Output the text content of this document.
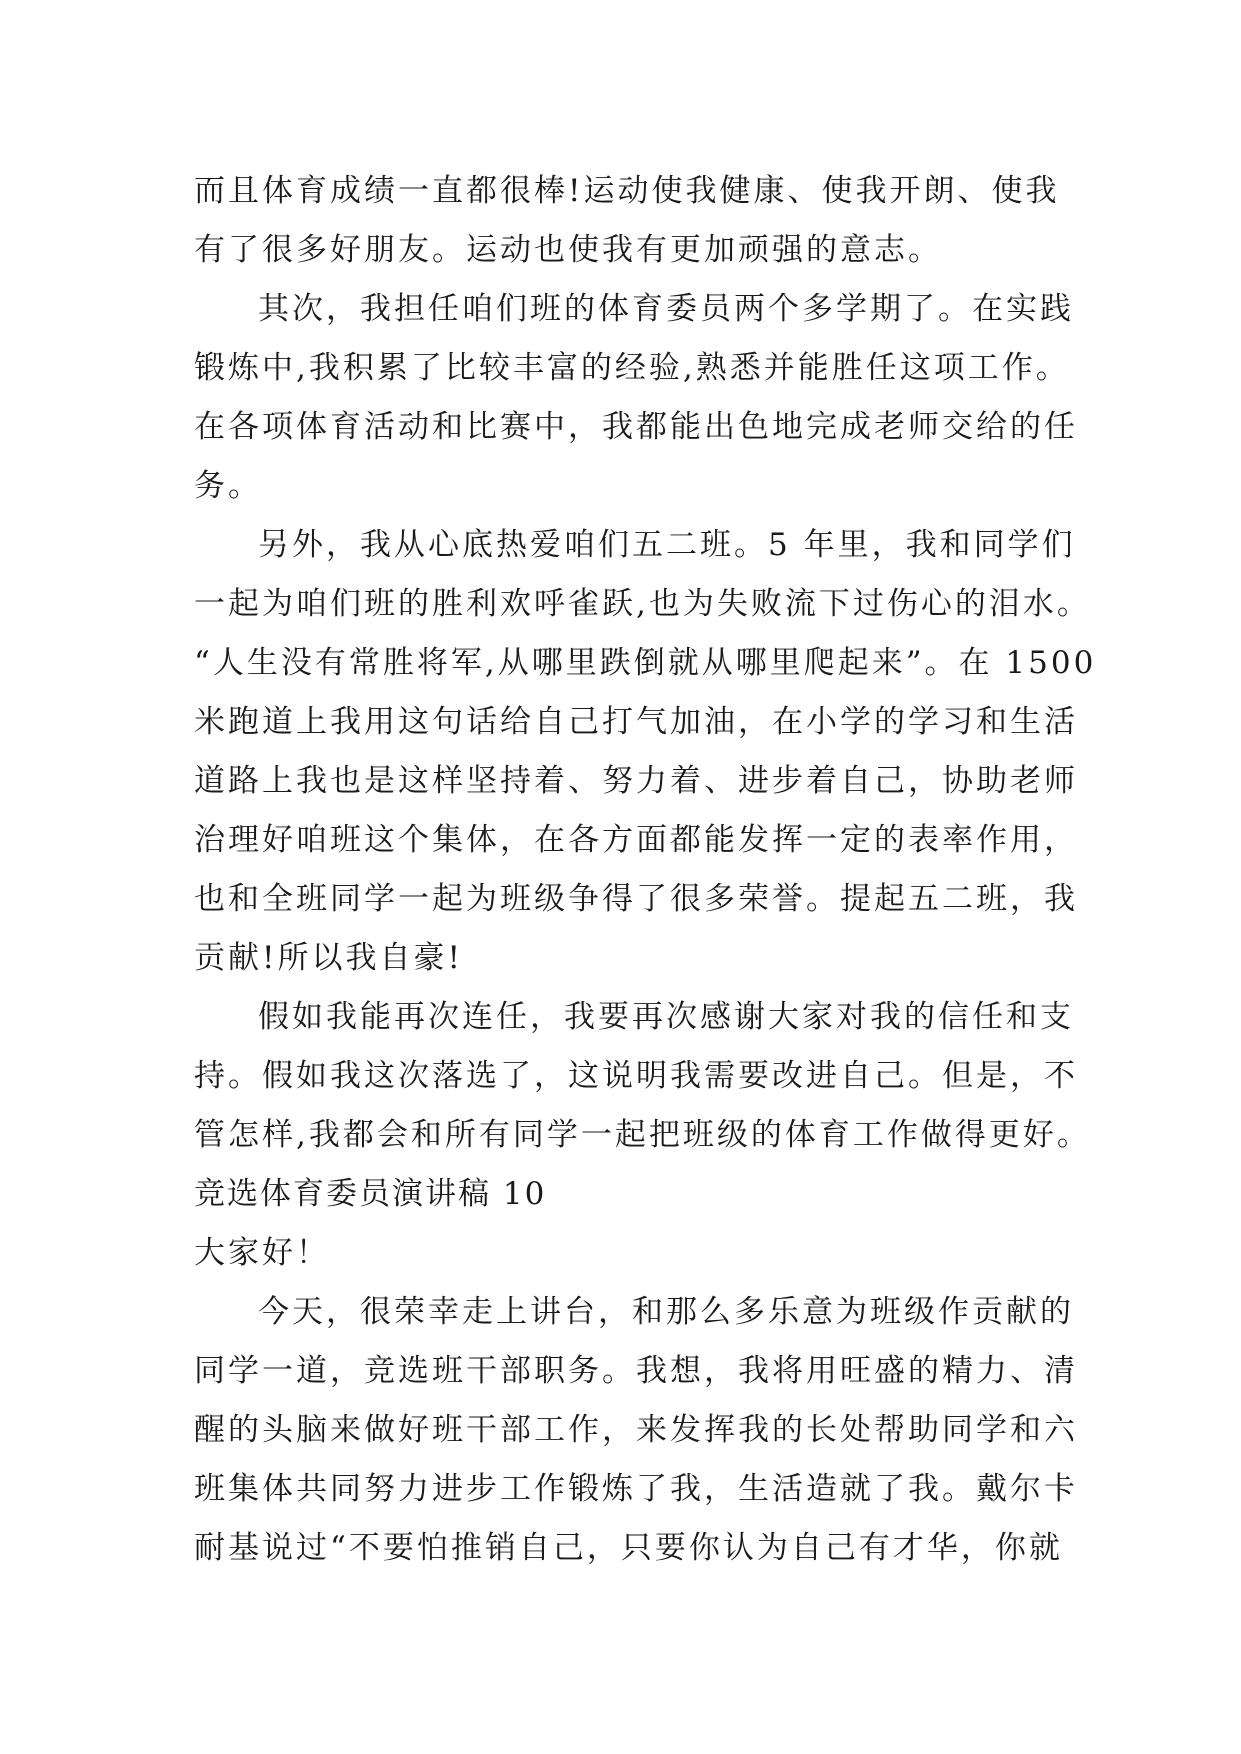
而且体育成绩一直都很棒!运动使我健康、使我开朗、使我
有了很多好朋友。运动也使我有更加顽强的意志。
其次，我担任咱们班的体育委员两个多学期了。在实践
锻炼中,我积累了比较丰富的经验,熟悉并能胜任这项工作。
在各项体育活动和比赛中，我都能出色地完成老师交给的任
务。
另外，我从心底热爱咱们五二班。5 年里，我和同学们
一起为咱们班的胜利欢呼雀跃,也为失败流下过伤心的泪水。
“人生没有常胜将军,从哪里跌倒就从哪里爬起来”。在 1500
米跑道上我用这句话给自己打气加油，在小学的学习和生活
道路上我也是这样坚持着、努力着、进步着自己，协助老师
治理好咱班这个集体，在各方面都能发挥一定的表率作用，
也和全班同学一起为班级争得了很多荣誉。提起五二班，我
贡献!所以我自豪!
假如我能再次连任，我要再次感谢大家对我的信任和支
持。假如我这次落选了，这说明我需要改进自己。但是，不
管怎样,我都会和所有同学一起把班级的体育工作做得更好。
竞选体育委员演讲稿 10
大家好！
今天，很荣幸走上讲台，和那么多乐意为班级作贡献的
同学一道，竞选班干部职务。我想，我将用旺盛的精力、清
醒的头脑来做好班干部工作，来发挥我的长处帮助同学和六
班集体共同努力进步工作锻炼了我，生活造就了我。戴尔卡
耐基说过“不要怕推销自己，只要你认为自己有才华，你就
